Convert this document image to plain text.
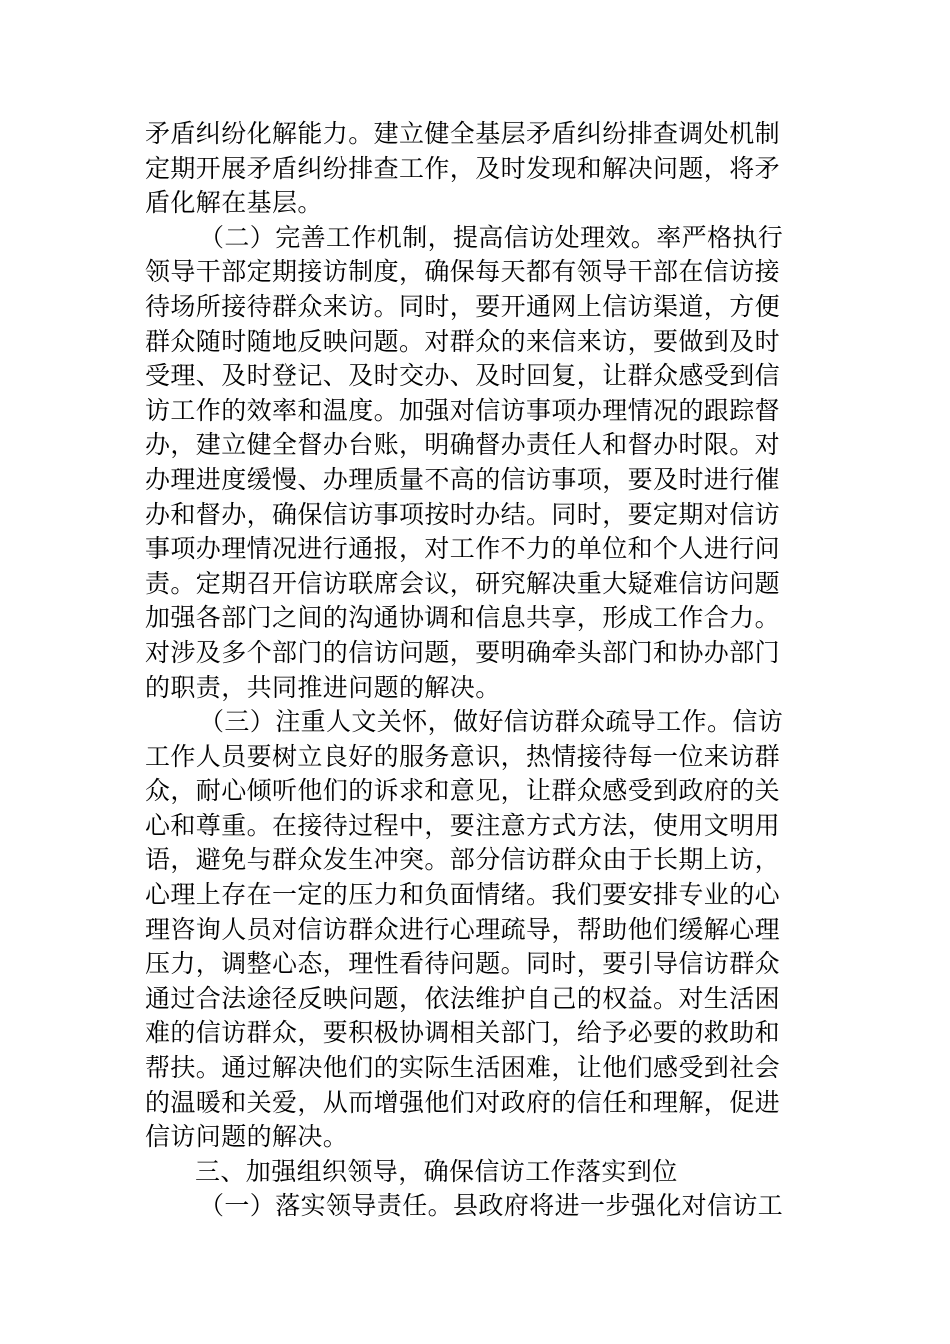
矛盾纠纷化解能力。建立健全基层矛盾纠纷排查调处机制
定期开展矛盾纠纷排查工作，及时发现和解决问题，将矛
盾化解在基层。
（二）完善工作机制，提高信访处理效。率严格执行
领导干部定期接访制度，确保每天都有领导干部在信访接
待场所接待群众来访。同时，要开通网上信访渠道，方便
群众随时随地反映问题。对群众的来信来访，要做到及时
受理、及时登记、及时交办、及时回复，让群众感受到信
访工作的效率和温度。加强对信访事项办理情况的跟踪督
办，建立健全督办台账，明确督办责任人和督办时限。对
办理进度缓慢、办理质量不高的信访事项，要及时进行催
办和督办，确保信访事项按时办结。同时，要定期对信访
事项办理情况进行通报，对工作不力的单位和个人进行问
责。定期召开信访联席会议，研究解决重大疑难信访问题
加强各部门之间的沟通协调和信息共享，形成工作合力。
对涉及多个部门的信访问题，要明确牵头部门和协办部门
的职责，共同推进问题的解决。
（三）注重人文关怀，做好信访群众疏导工作。信访
工作人员要树立良好的服务意识，热情接待每一位来访群
众，耐心倾听他们的诉求和意见，让群众感受到政府的关
心和尊重。在接待过程中，要注意方式方法，使用文明用
语，避免与群众发生冲突。部分信访群众由于长期上访，
心理上存在一定的压力和负面情绪。我们要安排专业的心
理咨询人员对信访群众进行心理疏导，帮助他们缓解心理
压力，调整心态，理性看待问题。同时，要引导信访群众
通过合法途径反映问题，依法维护自己的权益。对生活困
难的信访群众，要积极协调相关部门，给予必要的救助和
帮扶。通过解决他们的实际生活困难，让他们感受到社会
的温暖和关爱，从而增强他们对政府的信任和理解，促进
信访问题的解决。
三、加强组织领导，确保信访工作落实到位
（一）落实领导责任。县政府将进一步强化对信访工
